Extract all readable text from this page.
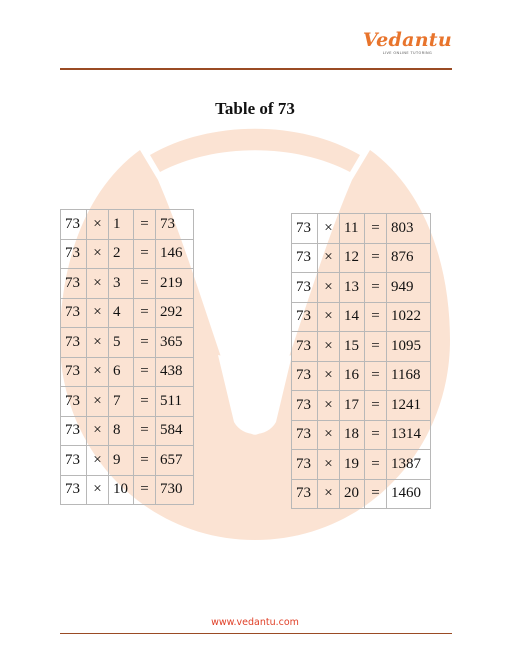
Vedantu
LIVE ONLINE TUTORING
Table of 73
73	×	1	=	73
73	×	2	=	146
73	×	3	=	219
73	×	4	=	292
73	×	5	=	365
73	×	6	=	438
73	×	7	=	511
73	×	8	=	584
73	×	9	=	657
73	×	10	=	730
73	×	11	=	803
73	×	12	=	876
73	×	13	=	949
73	×	14	=	1022
73	×	15	=	1095
73	×	16	=	1168
73	×	17	=	1241
73	×	18	=	1314
73	×	19	=	1387
73	×	20	=	1460
www.vedantu.com
